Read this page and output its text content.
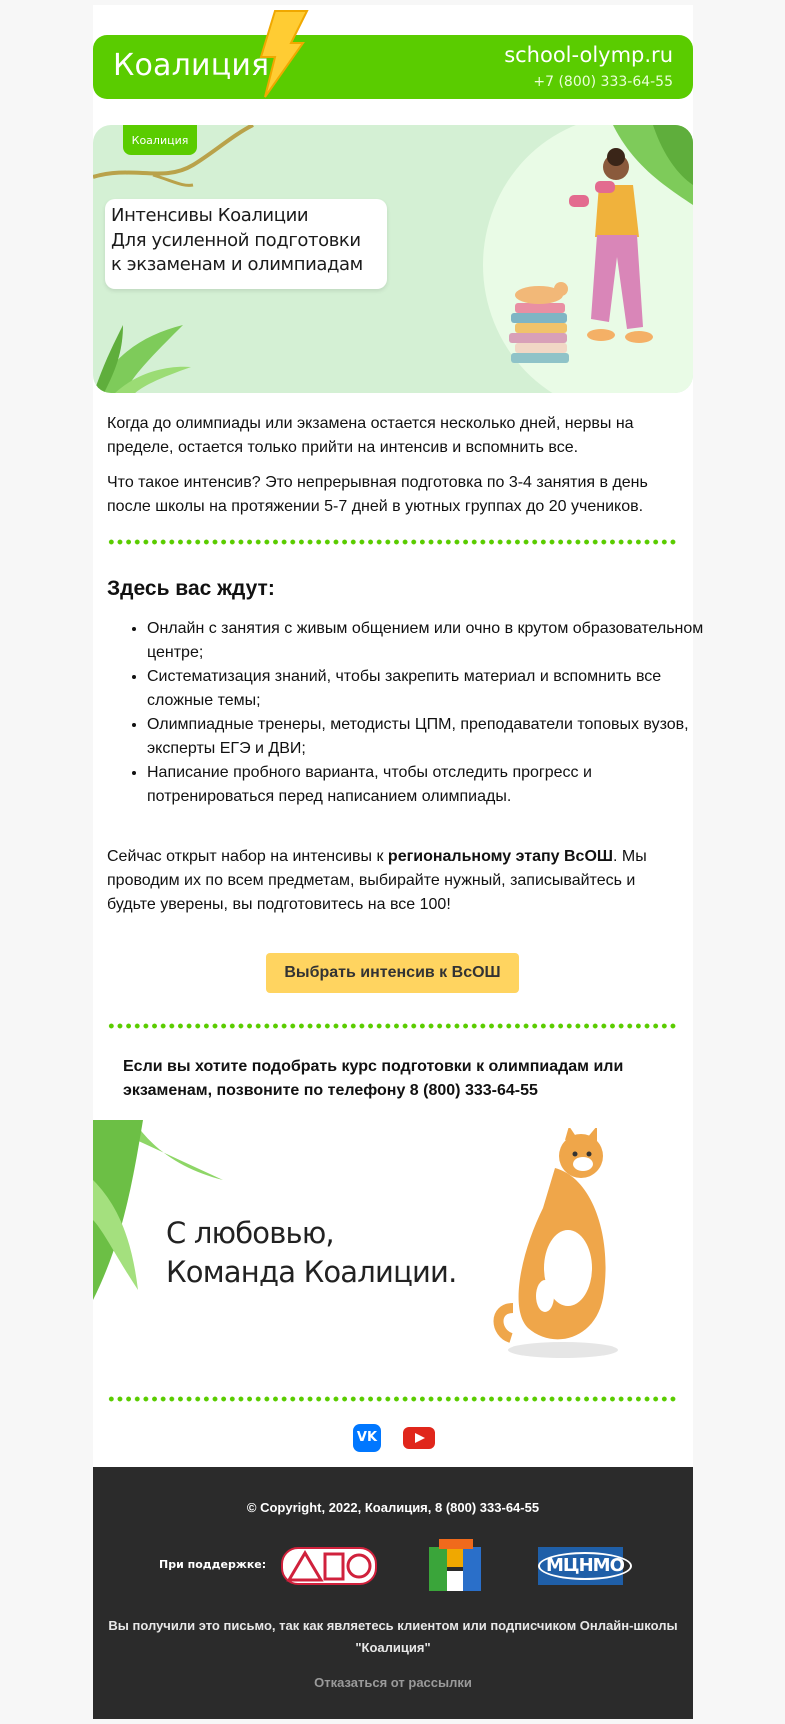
Коалиция	school-olymp.ru
+7 (800) 333-64-55
Коалиция
Интенсивы Коалиции
Для усиленной подготовки
к экзаменам и олимпиадам

Когда до олимпиады или экзамена остается несколько дней, нервы на пределе, остается только прийти на интенсив и вспомнить все.

Что такое интенсив? Это непрерывная подготовка по 3-4 занятия в день после школы на протяжении 5-7 дней в уютных группах до 20 учеников.

Здесь вас ждут:
• Онлайн с занятия с живым общением или очно в крутом образовательном центре;
• Систематизация знаний, чтобы закрепить материал и вспомнить все сложные темы;
• Олимпиадные тренеры, методисты ЦПМ, преподаватели топовых вузов, эксперты ЕГЭ и ДВИ;
• Написание пробного варианта, чтобы отследить прогресс и потренироваться перед написанием олимпиады.

Сейчас открыт набор на интенсивы к региональному этапу ВсОШ. Мы проводим их по всем предметам, выбирайте нужный, записывайтесь и будьте уверены, вы подготовитесь на все 100!

Выбрать интенсив к ВсОШ
Если вы хотите подобрать курс подготовки к олимпиадам или экзаменам, позвоните по телефону 8 (800) 333-64-55
С любовью,
Команда Коалиции.
VK
© Copyright, 2022, Коалиция, 8 (800) 333-64-55
При поддержке:	МЦНМО
Вы получили это письмо, так как являетесь клиентом или подписчиком Онлайн-школы "Коалиция"
Отказаться от рассылки
